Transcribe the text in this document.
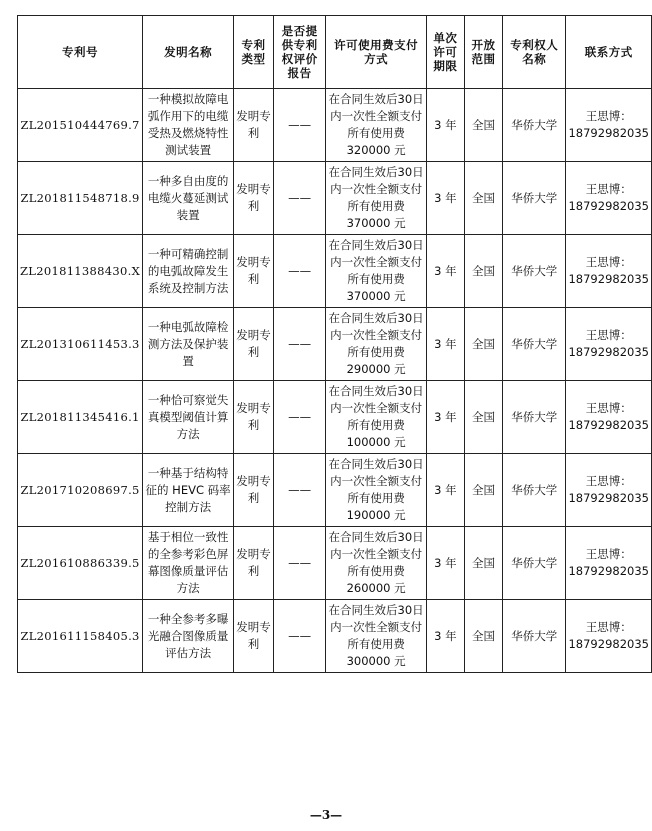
专利号	发明名称	专利类型	是否提供专利权评价报告	许可使用费支付方式	单次许可期限	开放范围	专利权人名称	联系方式
ZL201510444769.7	一种模拟故障电弧作用下的电缆受热及燃烧特性测试装置	发明专利	——	在合同生效后30日内一次性全额支付所有使用费 320000 元	3 年	全国	华侨大学	王思博：18792982035
ZL201811548718.9	一种多自由度的电缆火蔓延测试装置	发明专利	——	在合同生效后30日内一次性全额支付所有使用费 370000 元	3 年	全国	华侨大学	王思博：18792982035
ZL201811388430.X	一种可精确控制的电弧故障发生系统及控制方法	发明专利	——	在合同生效后30日内一次性全额支付所有使用费 370000 元	3 年	全国	华侨大学	王思博：18792982035
ZL201310611453.3	一种电弧故障检测方法及保护装置	发明专利	——	在合同生效后30日内一次性全额支付所有使用费 290000 元	3 年	全国	华侨大学	王思博：18792982035
ZL201811345416.1	一种恰可察觉失真模型阈值计算方法	发明专利	——	在合同生效后30日内一次性全额支付所有使用费 100000 元	3 年	全国	华侨大学	王思博：18792982035
ZL201710208697.5	一种基于结构特征的 HEVC 码率控制方法	发明专利	——	在合同生效后30日内一次性全额支付所有使用费 190000 元	3 年	全国	华侨大学	王思博：18792982035
ZL201610886339.5	基于相位一致性的全参考彩色屏幕图像质量评估方法	发明专利	——	在合同生效后30日内一次性全额支付所有使用费 260000 元	3 年	全国	华侨大学	王思博：18792982035
ZL201611158405.3	一种全参考多曝光融合图像质量评估方法	发明专利	——	在合同生效后30日内一次性全额支付所有使用费 300000 元	3 年	全国	华侨大学	王思博：18792982035
—3—
